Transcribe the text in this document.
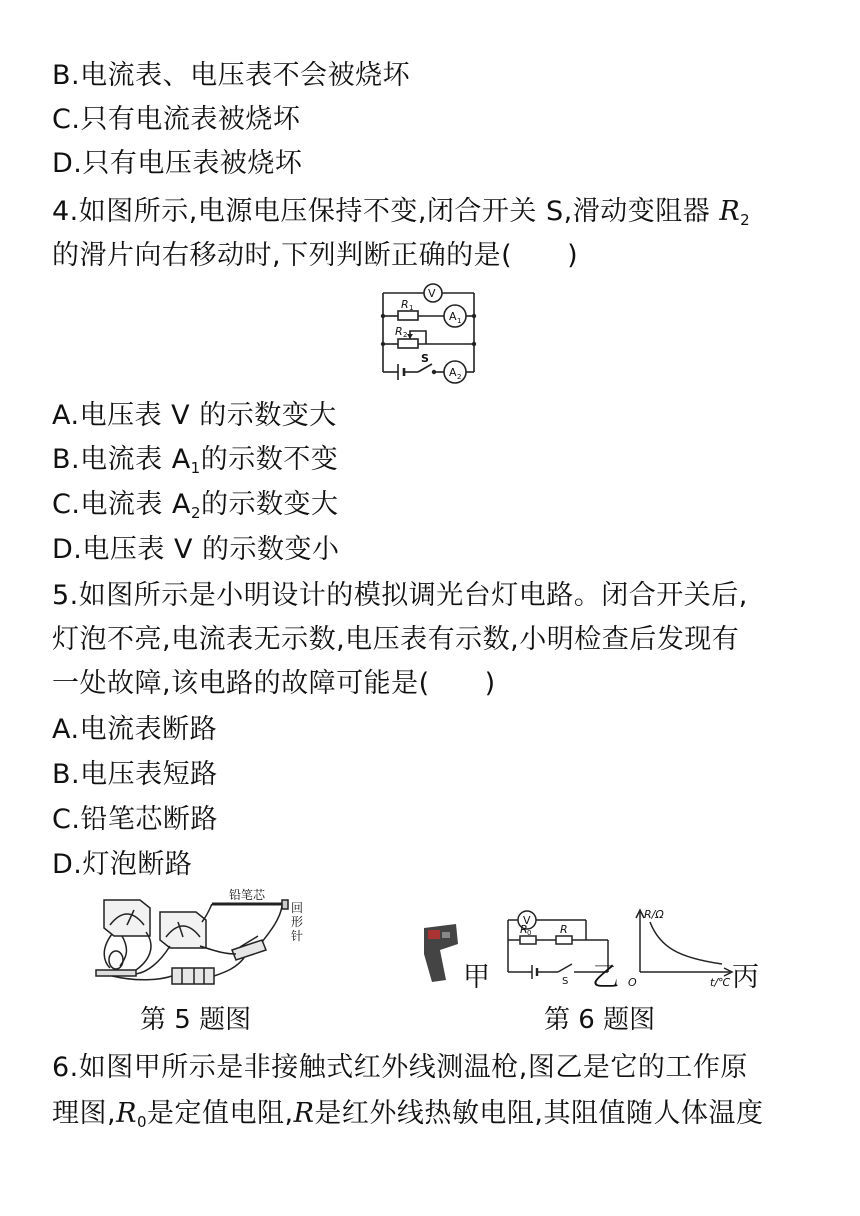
B.电流表、电压表不会被烧坏
C.只有电流表被烧坏
D.只有电压表被烧坏
4.如图所示,电源电压保持不变,闭合开关 S,滑动变阻器 $R_2$
的滑片向右移动时,下列判断正确的是(　　)
V
A 1
A 2
R 1
R 2
S
A.电压表 V 的示数变大
B.电流表 $A_1$的示数不变
C.电流表 $A_2$的示数变大
D.电压表 V 的示数变小
5.如图所示是小明设计的模拟调光台灯电路。闭合开关后,
灯泡不亮,电流表无示数,电压表有示数,小明检查后发现有
一处故障,该电路的故障可能是(　　)
A.电流表断路
B.电压表短路
C.铅笔芯断路
D.灯泡断路
铅笔芯
回
形
针
甲
V
R 0	R
S 乙
R/Ω
t/℃
O	丙
第 5 题图	第 6 题图
6.如图甲所示是非接触式红外线测温枪,图乙是它的工作原
理图$,R_0$是定值电阻,R是红外线热敏电阻,其阻值随人体温度
